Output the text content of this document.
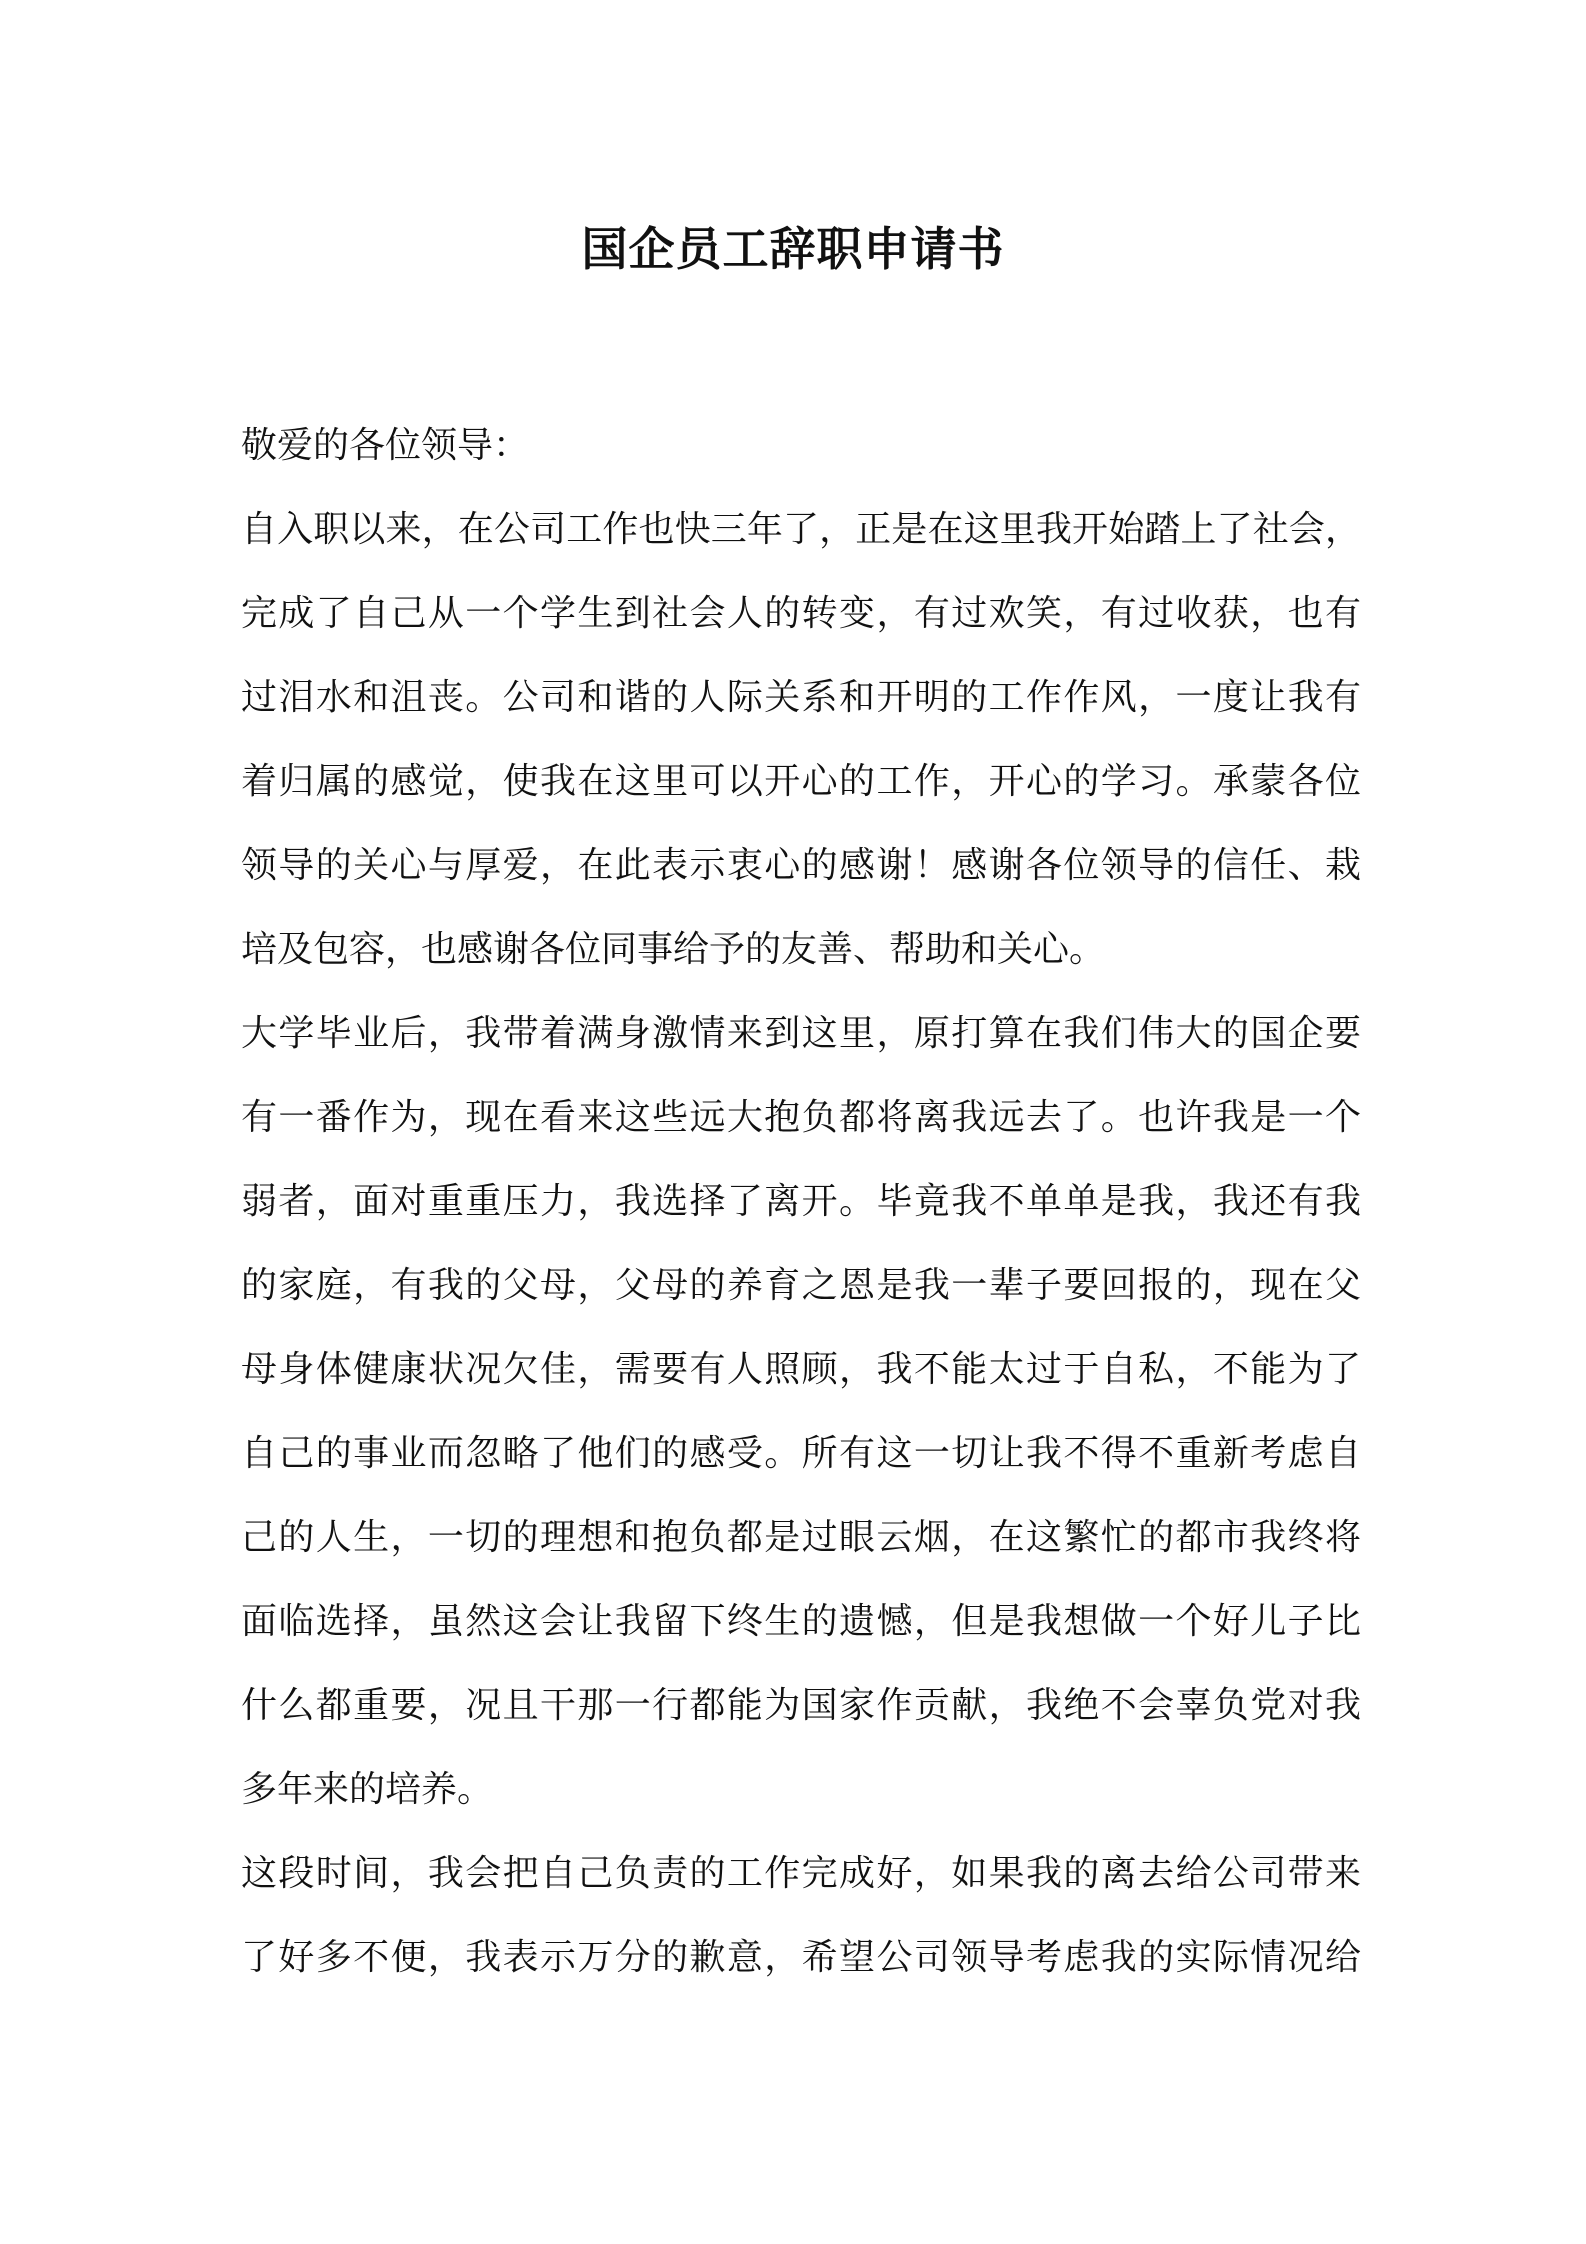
国企员工辞职申请书

敬爱的各位领导：

自入职以来，在公司工作也快三年了，正是在这里我开始踏上了社会，
完成了自己从一个学生到社会人的转变，有过欢笑，有过收获，也有
过泪水和沮丧。公司和谐的人际关系和开明的工作作风，一度让我有
着归属的感觉，使我在这里可以开心的工作，开心的学习。承蒙各位
领导的关心与厚爱，在此表示衷心的感谢！感谢各位领导的信任、栽
培及包容，也感谢各位同事给予的友善、帮助和关心。

大学毕业后，我带着满身激情来到这里，原打算在我们伟大的国企要
有一番作为，现在看来这些远大抱负都将离我远去了。也许我是一个
弱者，面对重重压力，我选择了离开。毕竟我不单单是我，我还有我
的家庭，有我的父母，父母的养育之恩是我一辈子要回报的，现在父
母身体健康状况欠佳，需要有人照顾，我不能太过于自私，不能为了
自己的事业而忽略了他们的感受。所有这一切让我不得不重新考虑自
己的人生，一切的理想和抱负都是过眼云烟，在这繁忙的都市我终将
面临选择，虽然这会让我留下终生的遗憾，但是我想做一个好儿子比
什么都重要，况且干那一行都能为国家作贡献，我绝不会辜负党对我
多年来的培养。

这段时间，我会把自己负责的工作完成好，如果我的离去给公司带来
了好多不便，我表示万分的歉意，希望公司领导考虑我的实际情况给
